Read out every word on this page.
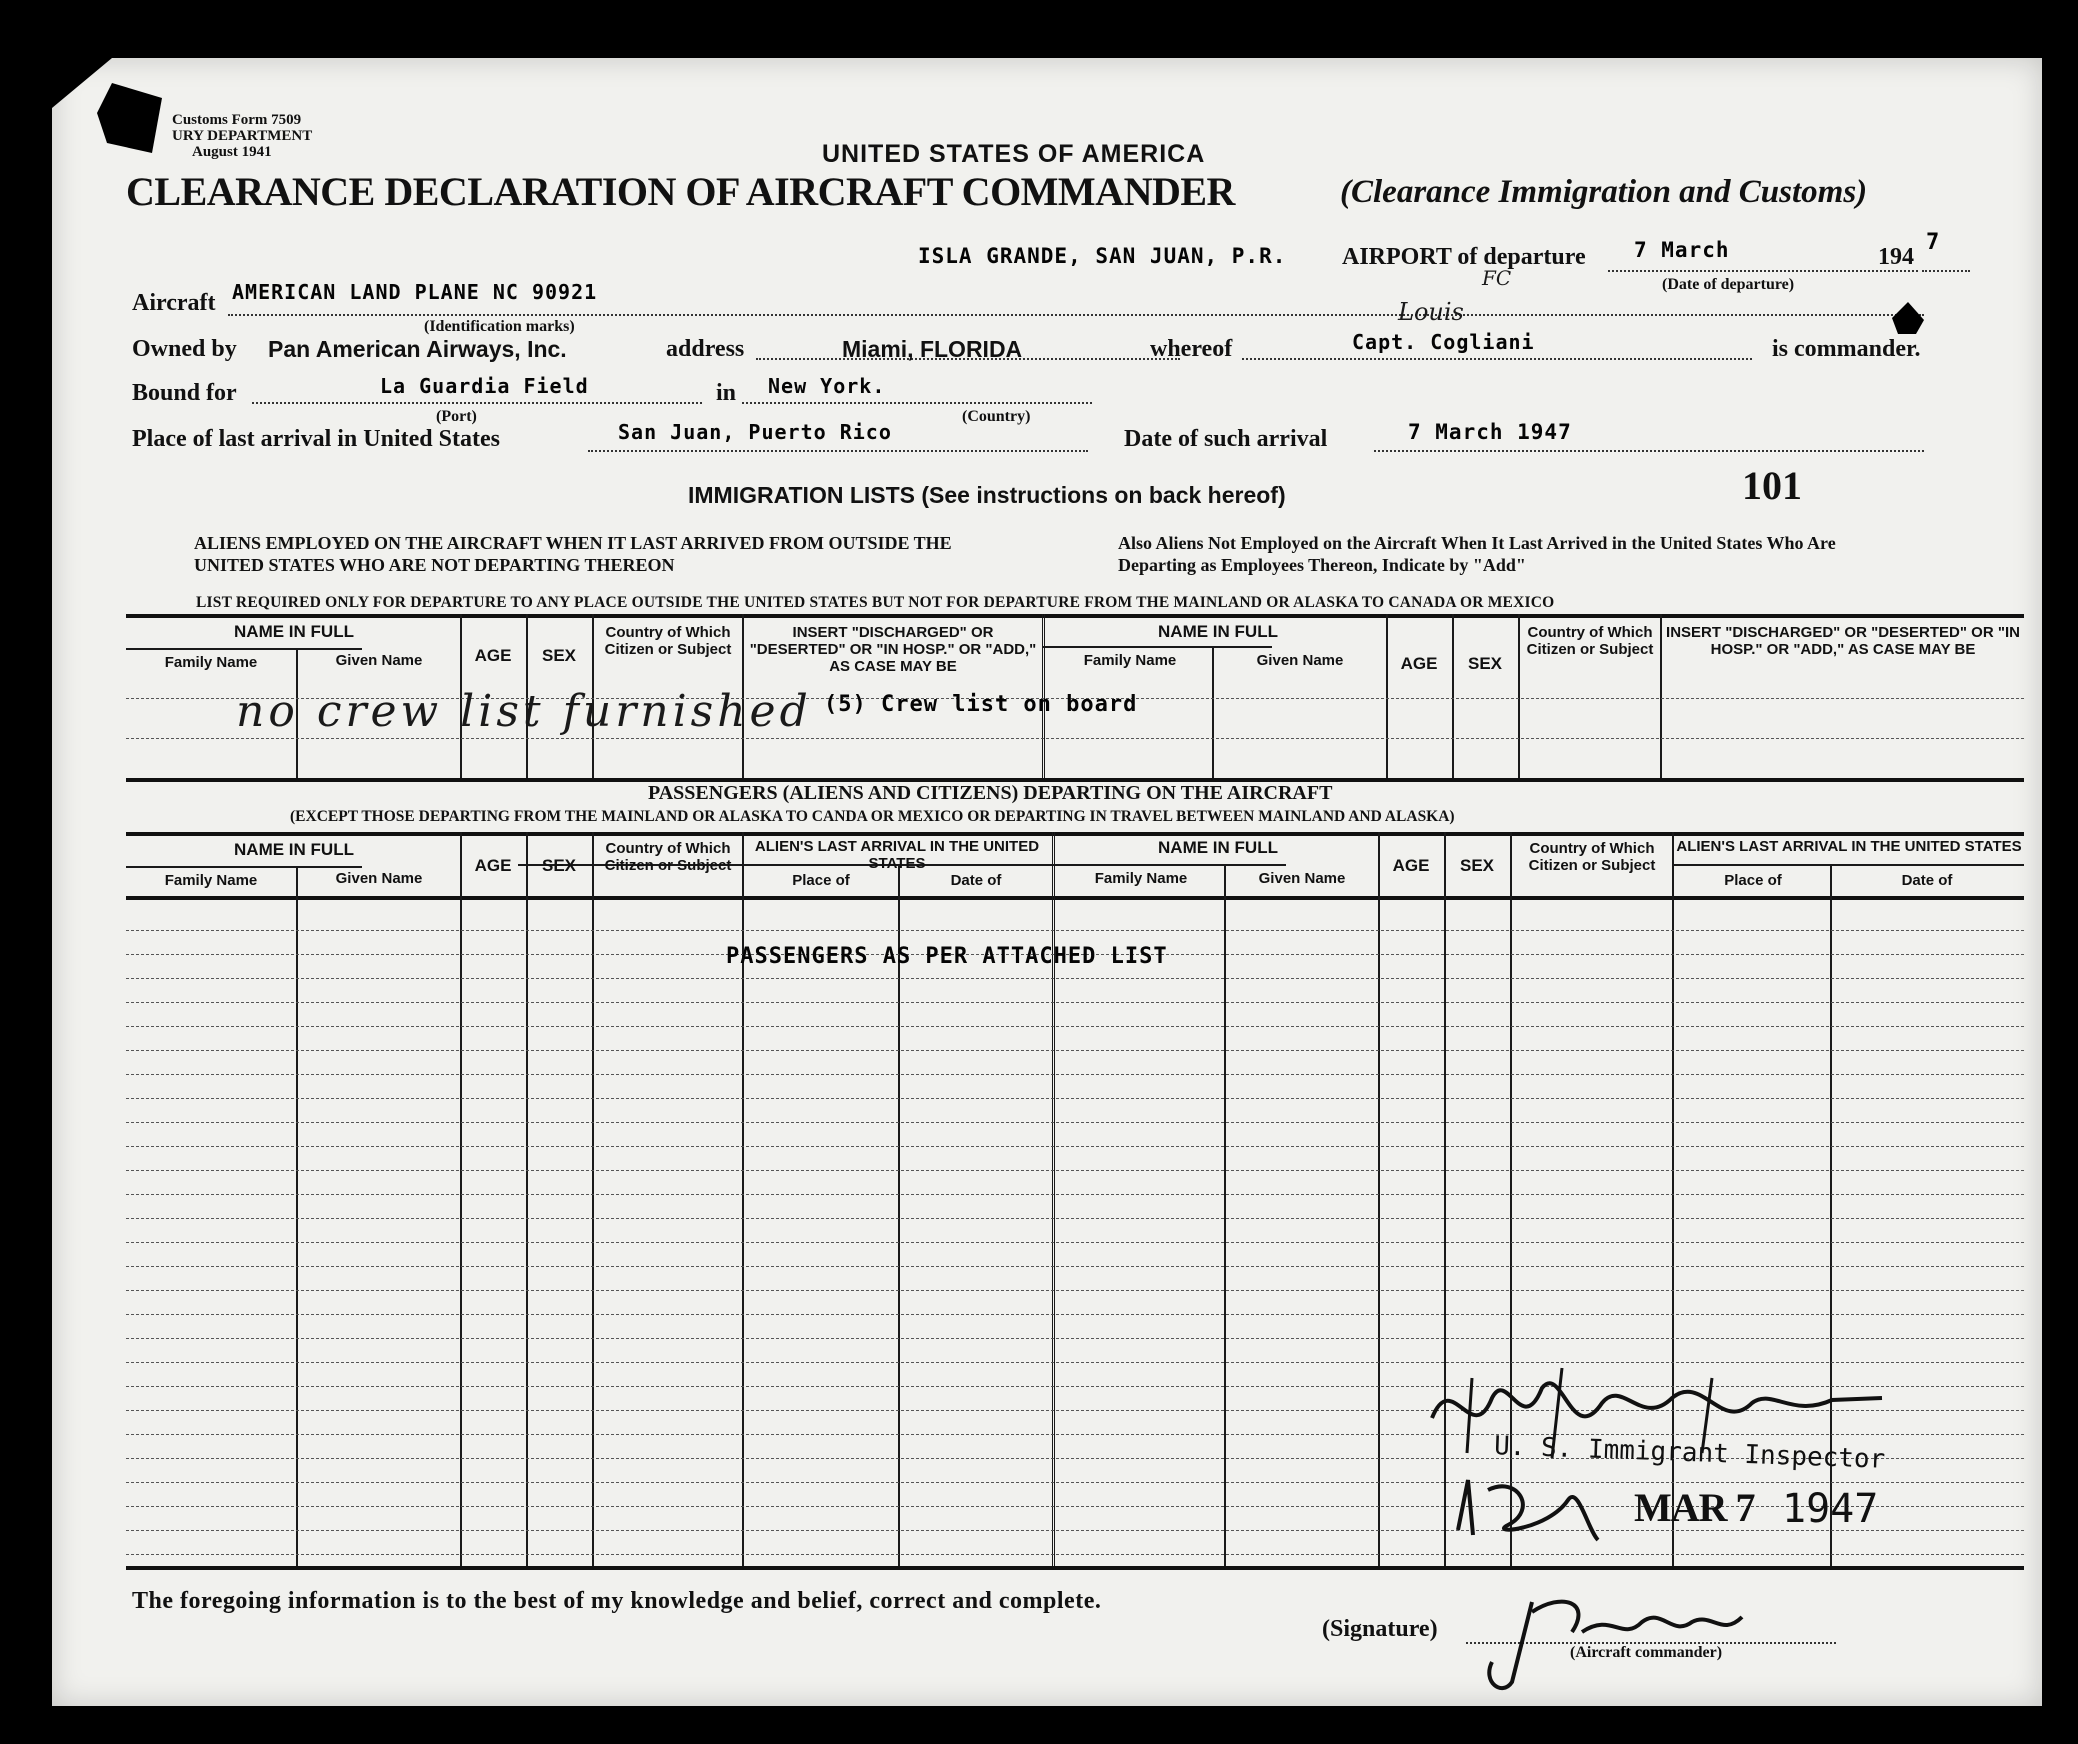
Customs Form 7509
URY DEPARTMENT
August 1941	UNITED STATES OF AMERICA
CLEARANCE DECLARATION OF AIRCRAFT COMMANDER	(Clearance Immigration and Customs)
ISLA GRANDE, SAN JUAN, P.R. AIRPORT of departure 7 March	194
7
(Date of departure)
Aircraft AMERICAN LAND PLANE NC 90921
(Identification marks)
Louis
FC
Owned by Pan American Airways, Inc.	address	Miami, FLORIDA	whereof	Capt. Cogliani	is commander.
Bound for	La Guardia Field	in New York.
(Port)	(Country)
Place of last arrival in United States	San Juan, Puerto Rico	Date of such arrival	7 March 1947
101
IMMIGRATION LISTS (See instructions on back hereof)
ALIENS EMPLOYED ON THE AIRCRAFT WHEN IT LAST ARRIVED FROM OUTSIDE THE UNITED STATES WHO ARE NOT DEPARTING THEREON
Also Aliens Not Employed on the Aircraft When It Last Arrived in the United States Who Are Departing as Employees Thereon, Indicate by "Add"
LIST REQUIRED ONLY FOR DEPARTURE TO ANY PLACE OUTSIDE THE UNITED STATES BUT NOT FOR DEPARTURE FROM THE MAINLAND OR ALASKA TO CANADA OR MEXICO
NAME IN FULL
Family Name	Given Name	AGE	SEX
Country of Which Citizen or Subject
INSERT "DISCHARGED" OR "DESERTED" OR "IN HOSP." OR "ADD," AS CASE MAY BE
NAME IN FULL
Family Name	Given Name	AGE	SEX
Country of Which Citizen or Subject
INSERT "DISCHARGED" OR "DESERTED" OR "IN HOSP." OR "ADD," AS CASE MAY BE
no crew list furnished (5) Crew list on board
PASSENGERS (ALIENS AND CITIZENS) DEPARTING ON THE AIRCRAFT
(EXCEPT THOSE DEPARTING FROM THE MAINLAND OR ALASKA TO CANDA OR MEXICO OR DEPARTING IN TRAVEL BETWEEN MAINLAND AND ALASKA)
NAME IN FULL
Family Name	Given Name
AGE	SEX
Country of Which Citizen or Subject
ALIEN'S LAST ARRIVAL IN THE UNITED STATES
Place of	Date of
NAME IN FULL
Family Name	Given Name
AGE	SEX
Country of Which Citizen or Subject
ALIEN'S LAST ARRIVAL IN THE UNITED STATES
Place of	Date of
PASSENGERS AS PER ATTACHED LIST
U. S. Immigrant Inspector
MAR 7 1947
The foregoing information is to the best of my knowledge and belief, correct and complete.
(Signature)
(Aircraft commander)
